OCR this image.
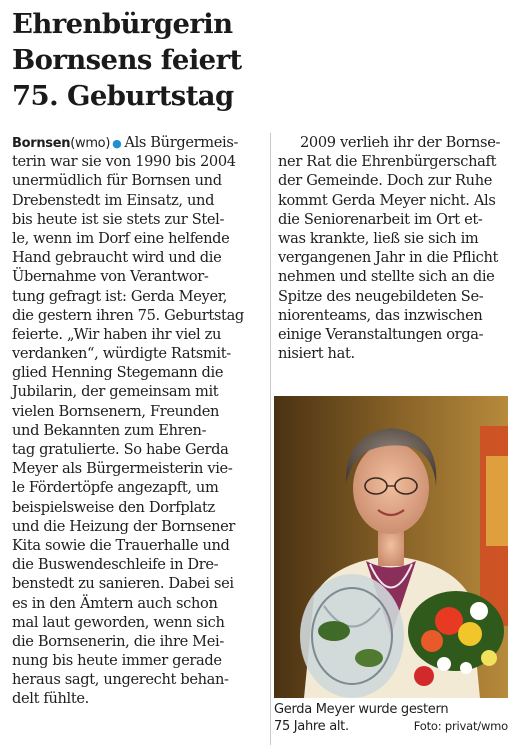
Ehrenbürgerin
Bornsens feiert
75. Geburtstag
Bornsen(wmo) ● Als Bürgermeis-
terin war sie von 1990 bis 2004
unermüdlich für Bornsen und
Drebenstedt im Einsatz, und
bis heute ist sie stets zur Stel-
le, wenn im Dorf eine helfende
Hand gebraucht wird und die
Übernahme von Verantwor-
tung gefragt ist: Gerda Meyer,
die gestern ihren 75. Geburtstag
feierte. „Wir haben ihr viel zu
verdanken“, würdigte Ratsmit-
glied Henning Stegemann die
Jubilarin, der gemeinsam mit
vielen Bornsenern, Freunden
und Bekannten zum Ehren-
tag gratulierte. So habe Gerda
Meyer als Bürgermeisterin vie-
le Fördertöpfe angezapft, um
beispielsweise den Dorfplatz
und die Heizung der Bornsener
Kita sowie die Trauerhalle und
die Buswendeschleife in Dre-
benstedt zu sanieren. Dabei sei
es in den Ämtern auch schon
mal laut geworden, wenn sich
die Bornsenerin, die ihre Mei-
nung bis heute immer gerade
heraus sagt, ungerecht behan-
delt fühlte.
2009 verlieh ihr der Bornse-
ner Rat die Ehrenbürgerschaft
der Gemeinde. Doch zur Ruhe
kommt Gerda Meyer nicht. Als
die Seniorenarbeit im Ort et-
was krankte, ließ sie sich im
vergangenen Jahr in die Pflicht
nehmen und stellte sich an die
Spitze des neugebildeten Se-
niorenteams, das inzwischen
einige Veranstaltungen orga-
nisiert hat.
Gerda Meyer wurde gestern
75 Jahre alt.	Foto: privat/wmo
